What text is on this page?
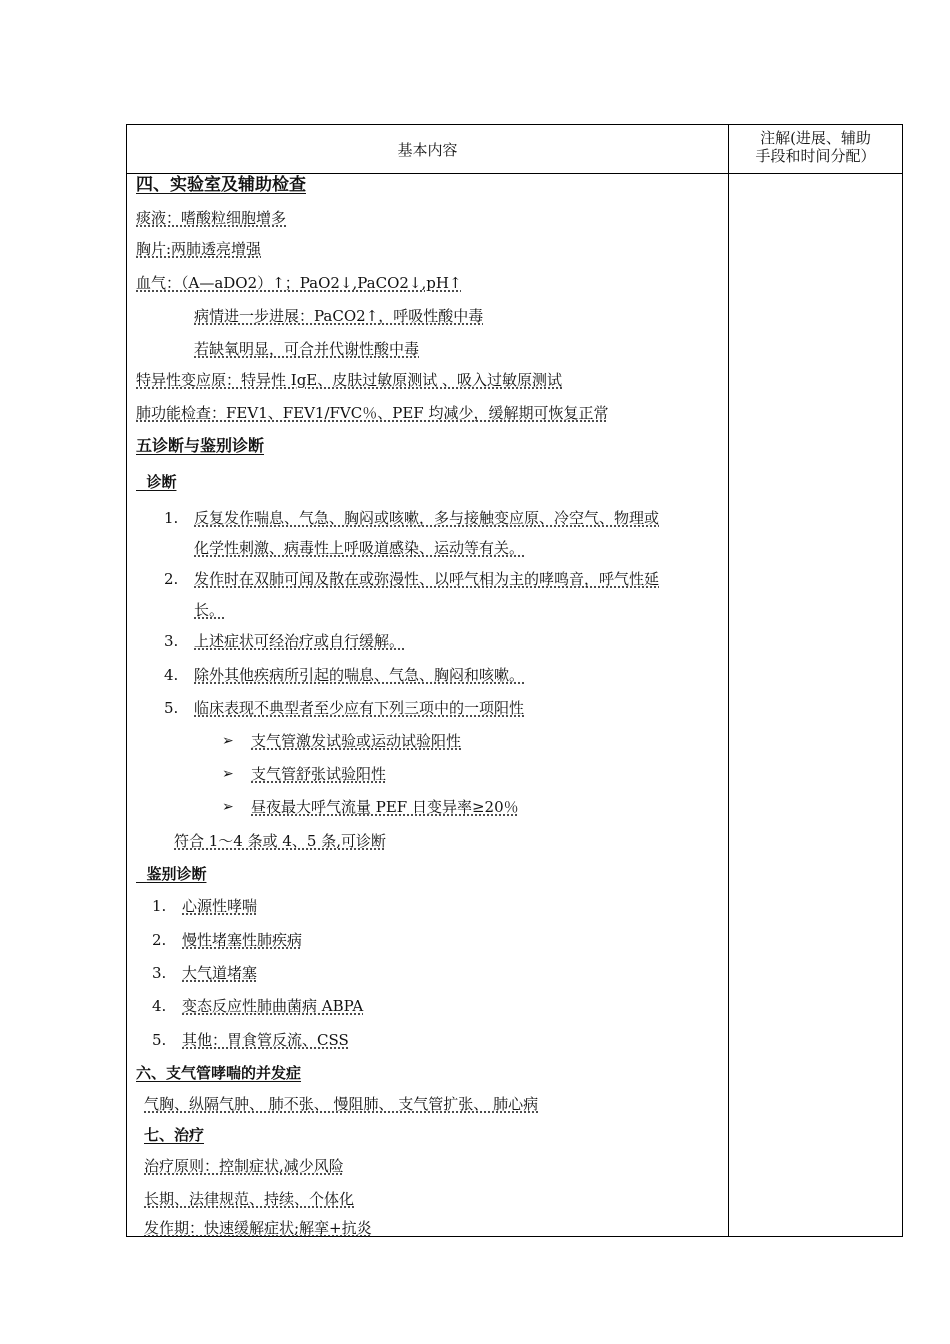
基本内容
注解(进展、辅助
手段和时间分配）
四、实验室及辅助检查
痰液：嗜酸粒细胞增多
胸片:两肺透亮增强
血气：（A—aDO2）↑；PaO2↓,PaCO2↓,pH↑
病情进一步进展：PaCO2↑，呼吸性酸中毒
若缺氧明显，可合并代谢性酸中毒
特异性变应原：特异性 IgE、皮肤过敏原测试 、吸入过敏原测试
肺功能检查：FEV1、FEV1/FVC％、PEF 均减少，缓解期可恢复正常
五诊断与鉴别诊断
诊断
1. 反复发作喘息、气急、胸闷或咳嗽，多与接触变应原、冷空气、物理或
化学性刺激、病毒性上呼吸道感染、运动等有关。
2. 发作时在双肺可闻及散在或弥漫性、以呼气相为主的哮鸣音，呼气性延
长。
3. 上述症状可经治疗或自行缓解。
4. 除外其他疾病所引起的喘息、气急、胸闷和咳嗽。
5. 临床表现不典型者至少应有下列三项中的一项阳性
➢ 支气管激发试验或运动试验阳性
➢ 支气管舒张试验阳性
➢ 昼夜最大呼气流量 PEF 日变异率≥20％
符合 1～4 条或 4、5 条,可诊断
鉴别诊断
1. 心源性哮喘
2. 慢性堵塞性肺疾病
3. 大气道堵塞
4. 变态反应性肺曲菌病 ABPA
5. 其他：胃食管反流、CSS
六、支气管哮喘的并发症
气胸、纵隔气肿、 肺不张、 慢阻肺、 支气管扩张、 肺心病
七、治疗
治疗原则：控制症状,减少风险
长期、法律规范、持续、个体化
发作期：快速缓解症状;解挛+抗炎
